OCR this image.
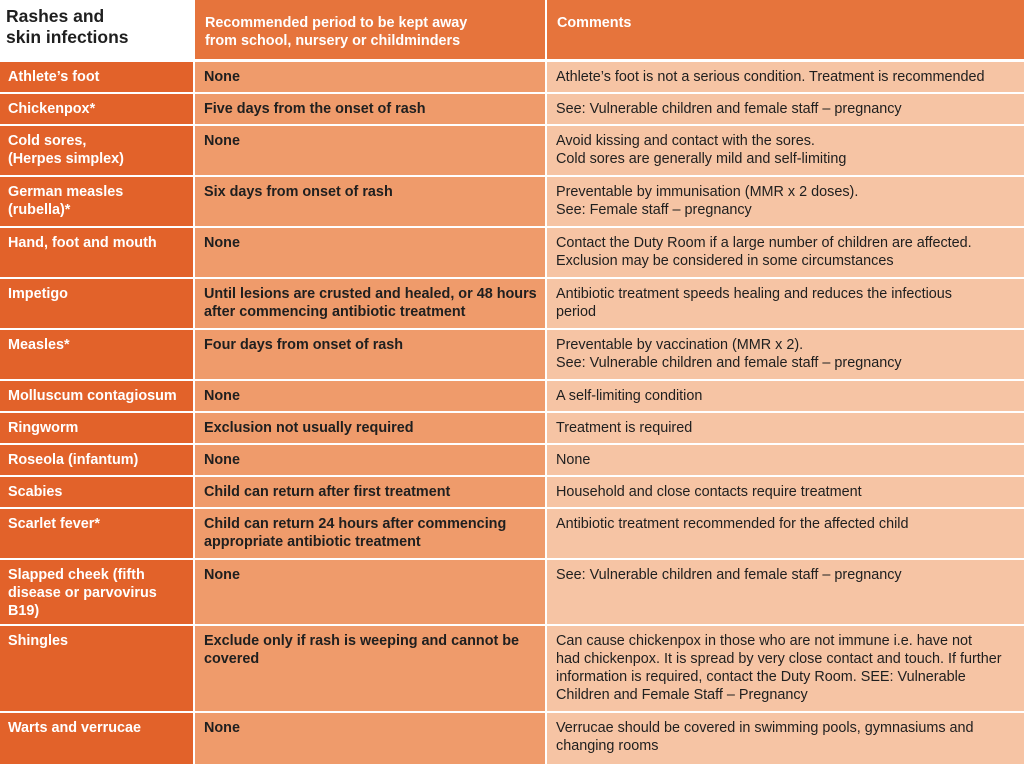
Rashes and
skin infections	Recommended period to be kept away
from school, nursery or childminders	Comments

Athlete’s foot	None	Athlete’s foot is not a serious condition. Treatment is recommended

Chickenpox*	Five days from the onset of rash	See: Vulnerable children and female staff – pregnancy

Cold sores,
(Herpes simplex)	None	Avoid kissing and contact with the sores.
Cold sores are generally mild and self-limiting

German measles
(rubella)*	Six days from onset of rash	Preventable by immunisation (MMR x 2 doses).
See: Female staff – pregnancy

Hand, foot and mouth	None	Contact the Duty Room if a large number of children are affected.
Exclusion may be considered in some circumstances

Impetigo	Until lesions are crusted and healed, or 48 hours
after commencing antibiotic treatment	Antibiotic treatment speeds healing and reduces the infectious
period

Measles*	Four days from onset of rash	Preventable by vaccination (MMR x 2).
See: Vulnerable children and female staff – pregnancy

Molluscum contagiosum	None	A self-limiting condition

Ringworm	Exclusion not usually required	Treatment is required

Roseola (infantum)	None	None

Scabies	Child can return after first treatment	Household and close contacts require treatment

Scarlet fever*	Child can return 24 hours after commencing
appropriate antibiotic treatment	Antibiotic treatment recommended for the affected child

Slapped cheek (fifth
disease or parvovirus B19)	None	See: Vulnerable children and female staff – pregnancy

Shingles	Exclude only if rash is weeping and cannot be
covered	Can cause chickenpox in those who are not immune i.e. have not
had chickenpox. It is spread by very close contact and touch. If further
information is required, contact the Duty Room. SEE: Vulnerable
Children and Female Staff – Pregnancy

Warts and verrucae	None	Verrucae should be covered in swimming pools, gymnasiums and
changing rooms
